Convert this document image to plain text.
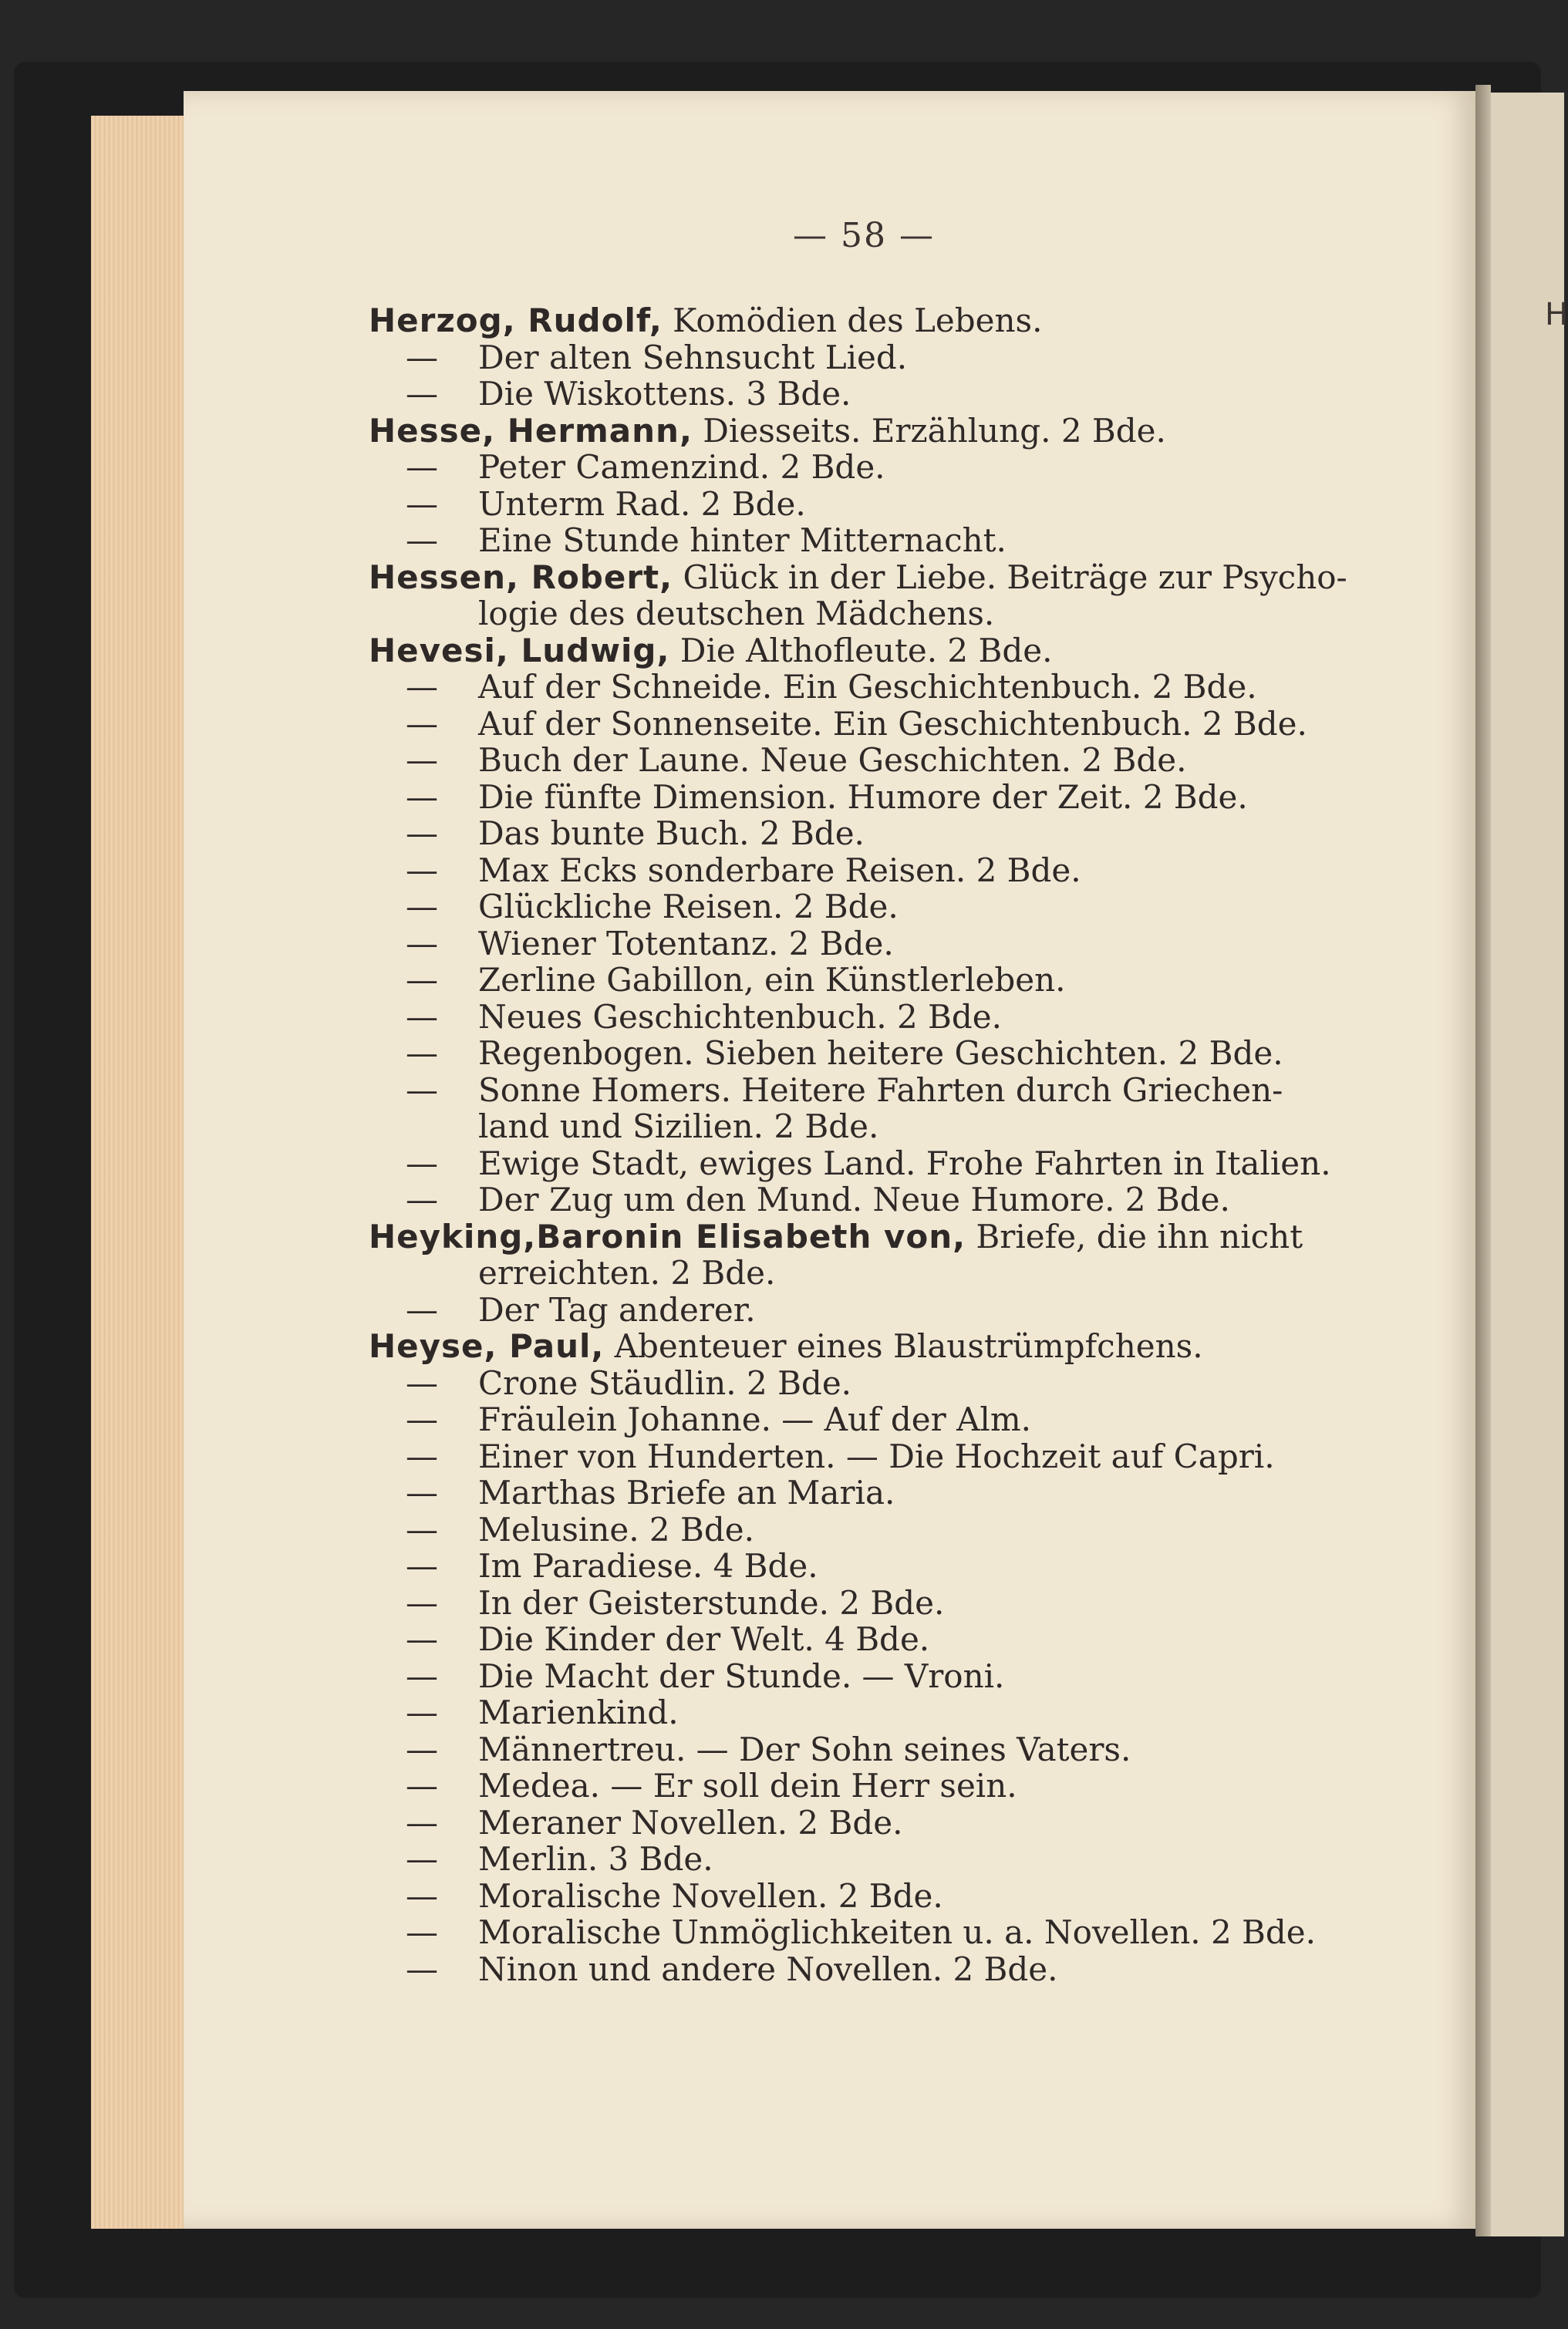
H
— 58 —
Herzog, Rudolf, Komödien des Lebens.
— Der alten Sehnsucht Lied.
— Die Wiskottens. 3 Bde.
Hesse, Hermann, Diesseits. Erzählung. 2 Bde.
— Peter Camenzind. 2 Bde.
— Unterm Rad. 2 Bde.
— Eine Stunde hinter Mitternacht.
Hessen, Robert, Glück in der Liebe. Beiträge zur Psycho-
logie des deutschen Mädchens.
Hevesi, Ludwig, Die Althofleute. 2 Bde.
— Auf der Schneide. Ein Geschichtenbuch. 2 Bde.
— Auf der Sonnenseite. Ein Geschichtenbuch. 2 Bde.
— Buch der Laune. Neue Geschichten. 2 Bde.
— Die fünfte Dimension. Humore der Zeit. 2 Bde.
— Das bunte Buch. 2 Bde.
— Max Ecks sonderbare Reisen. 2 Bde.
— Glückliche Reisen. 2 Bde.
— Wiener Totentanz. 2 Bde.
— Zerline Gabillon, ein Künstlerleben.
— Neues Geschichtenbuch. 2 Bde.
— Regenbogen. Sieben heitere Geschichten. 2 Bde.
— Sonne Homers. Heitere Fahrten durch Griechen-
land und Sizilien. 2 Bde.
— Ewige Stadt, ewiges Land. Frohe Fahrten in Italien.
— Der Zug um den Mund. Neue Humore. 2 Bde.
Heyking,Baronin Elisabeth von, Briefe, die ihn nicht
erreichten. 2 Bde.
— Der Tag anderer.
Heyse, Paul, Abenteuer eines Blaustrümpfchens.
— Crone Stäudlin. 2 Bde.
— Fräulein Johanne. — Auf der Alm.
— Einer von Hunderten. — Die Hochzeit auf Capri.
— Marthas Briefe an Maria.
— Melusine. 2 Bde.
— Im Paradiese. 4 Bde.
— In der Geisterstunde. 2 Bde.
— Die Kinder der Welt. 4 Bde.
— Die Macht der Stunde. — Vroni.
— Marienkind.
— Männertreu. — Der Sohn seines Vaters.
— Medea. — Er soll dein Herr sein.
— Meraner Novellen. 2 Bde.
— Merlin. 3 Bde.
— Moralische Novellen. 2 Bde.
— Moralische Unmöglichkeiten u. a. Novellen. 2 Bde.
— Ninon und andere Novellen. 2 Bde.
